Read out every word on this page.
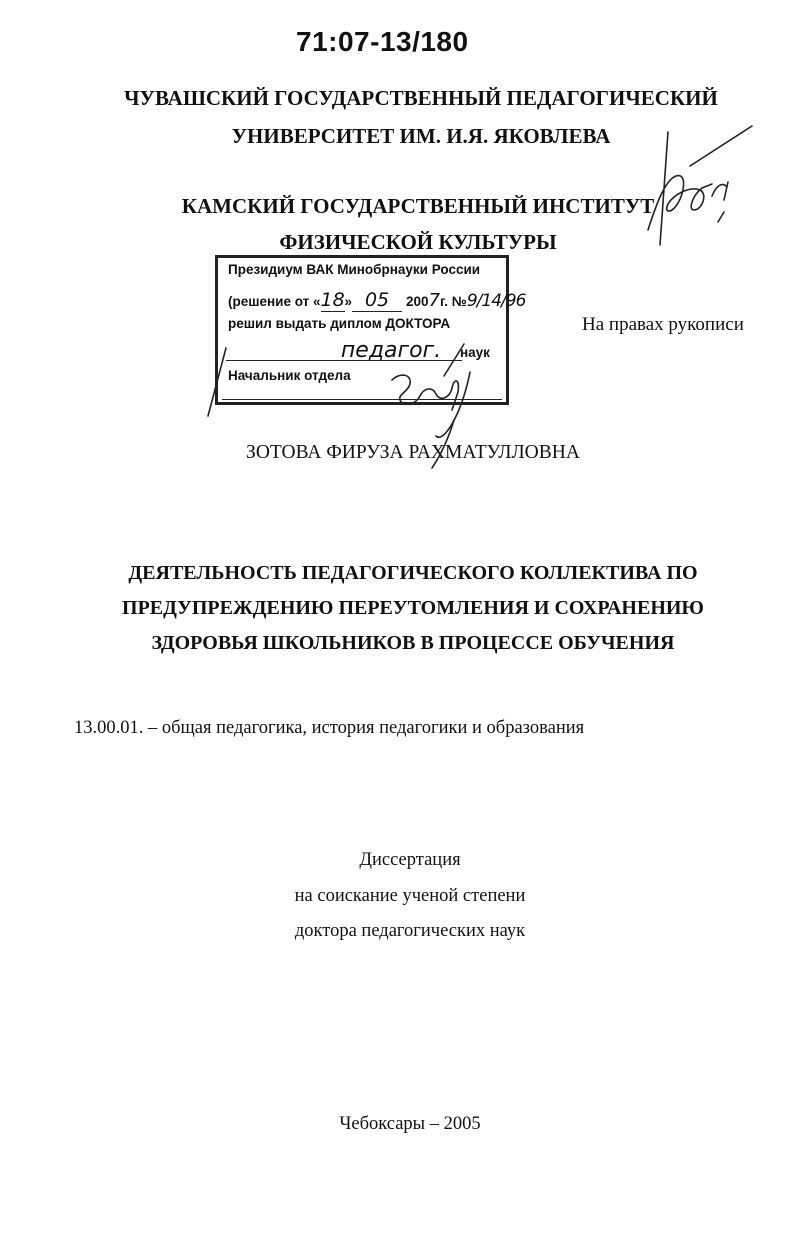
71:07-13/180
ЧУВАШСКИЙ ГОСУДАРСТВЕННЫЙ ПЕДАГОГИЧЕСКИЙ
УНИВЕРСИТЕТ ИМ. И.Я. ЯКОВЛЕВА
КАМСКИЙ ГОСУДАРСТВЕННЫЙ ИНСТИТУТ
ФИЗИЧЕСКОЙ КУЛЬТУРЫ
Президиум ВАК Минобрнауки России
(решение от «18» 05 2007г. №9/14/96
решил выдать диплом ДОКТОРА
педагог. наук
Начальник отдела
На правах рукописи
ЗОТОВА ФИРУЗА РАХМАТУЛЛОВНА
ДЕЯТЕЛЬНОСТЬ ПЕДАГОГИЧЕСКОГО КОЛЛЕКТИВА ПО
ПРЕДУПРЕЖДЕНИЮ ПЕРЕУТОМЛЕНИЯ И СОХРАНЕНИЮ
ЗДОРОВЬЯ ШКОЛЬНИКОВ В ПРОЦЕССЕ ОБУЧЕНИЯ
13.00.01. – общая педагогика, история педагогики и образования
Диссертация
на соискание ученой степени
доктора педагогических наук
Чебоксары – 2005
